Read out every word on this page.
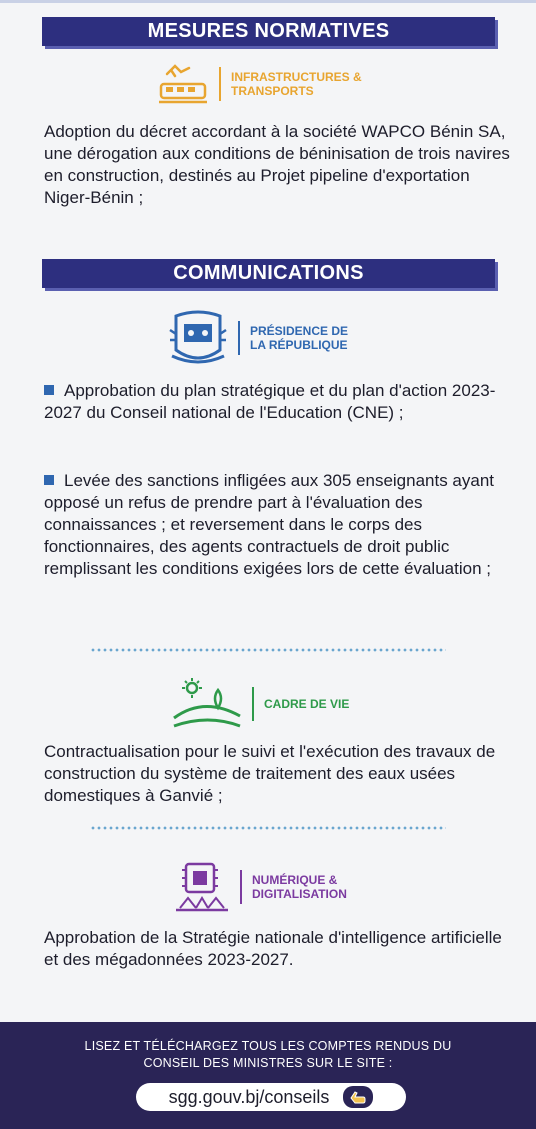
MESURES NORMATIVES
INFRASTRUCTURES &
TRANSPORTS
Adoption du décret accordant à la société WAPCO Bénin SA, une dérogation aux conditions de béninisation de trois navires en construction, destinés au Projet pipeline d'exportation Niger-Bénin ;
COMMUNICATIONS
PRÉSIDENCE DE
LA RÉPUBLIQUE
Approbation du plan stratégique et du plan d'action 2023-2027 du Conseil national de l'Education (CNE) ;
Levée des sanctions infligées aux 305 enseignants ayant opposé un refus de prendre part à l'évaluation des connaissances ; et reversement dans le corps des fonctionnaires, des agents contractuels de droit public remplissant les conditions exigées lors de cette évaluation ;
CADRE DE VIE
Contractualisation pour le suivi et l'exécution des travaux de construction du système de traitement des eaux usées domestiques à Ganvié ;
NUMÉRIQUE &
DIGITALISATION
Approbation de la Stratégie nationale d'intelligence artificielle et des mégadonnées 2023-2027.
LISEZ ET TÉLÉCHARGEZ TOUS LES COMPTES RENDUS DU
CONSEIL DES MINISTRES SUR LE SITE :
sgg.gouv.bj/conseils
